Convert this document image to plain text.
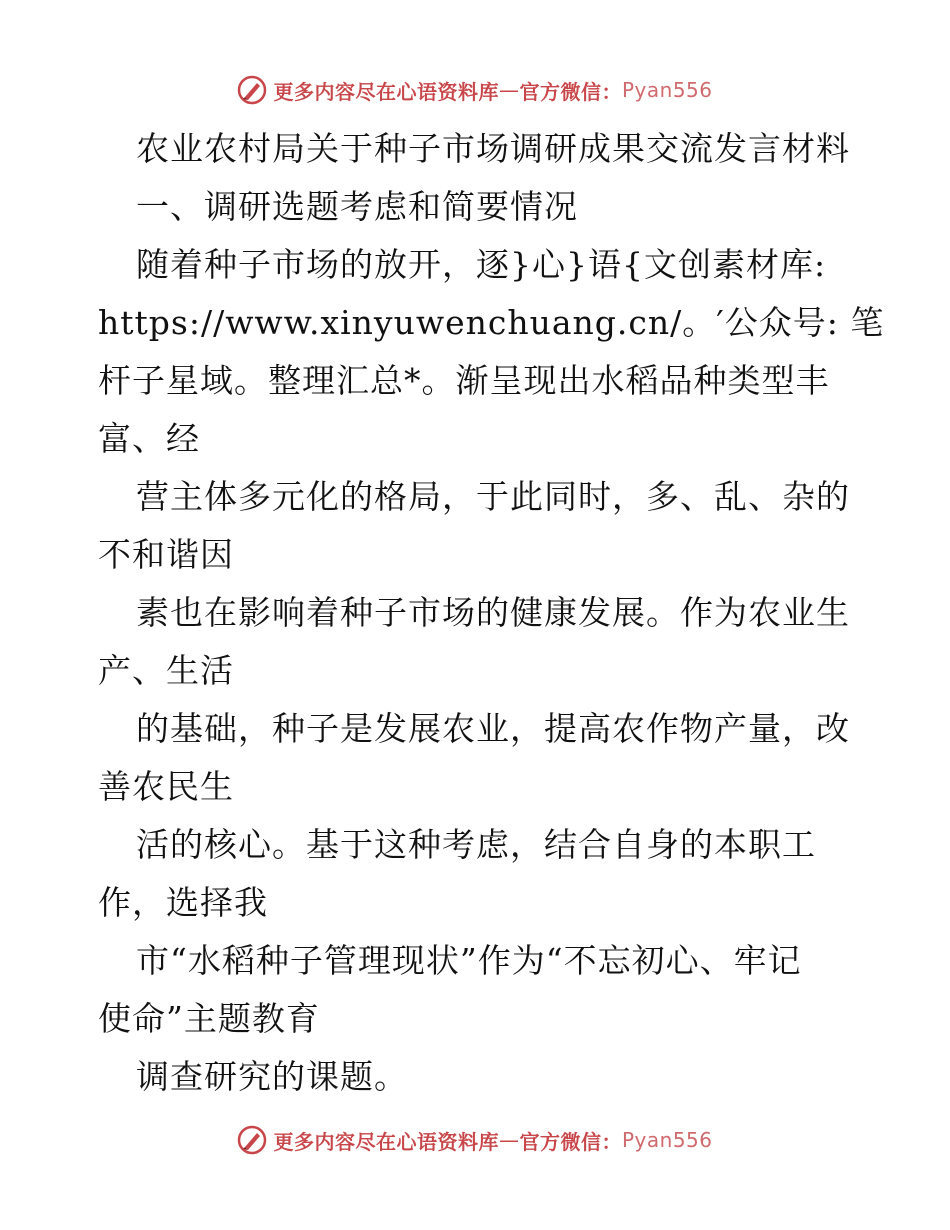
更多内容尽在心语资料库 — 官方微信： Pyan556
农业农村局关于种子市场调研成果交流发言材料
一、调研选题考虑和简要情况
随着种子市场的放开，逐}心}语{文创素材库:
https://www.xinyuwenchuang.cn/。′公众号: 笔
杆子星域。整理汇总*。渐呈现出水稻品种类型丰
富、经
营主体多元化的格局，于此同时，多、乱、杂的
不和谐因
素也在影响着种子市场的健康发展。作为农业生
产、生活
的基础，种子是发展农业，提高农作物产量，改
善农民生
活的核心。基于这种考虑，结合自身的本职工
作，选择我
市“水稻种子管理现状”作为“不忘初心、牢记
使命”主题教育
调查研究的课题。
更多内容尽在心语资料库 — 官方微信： Pyan556
